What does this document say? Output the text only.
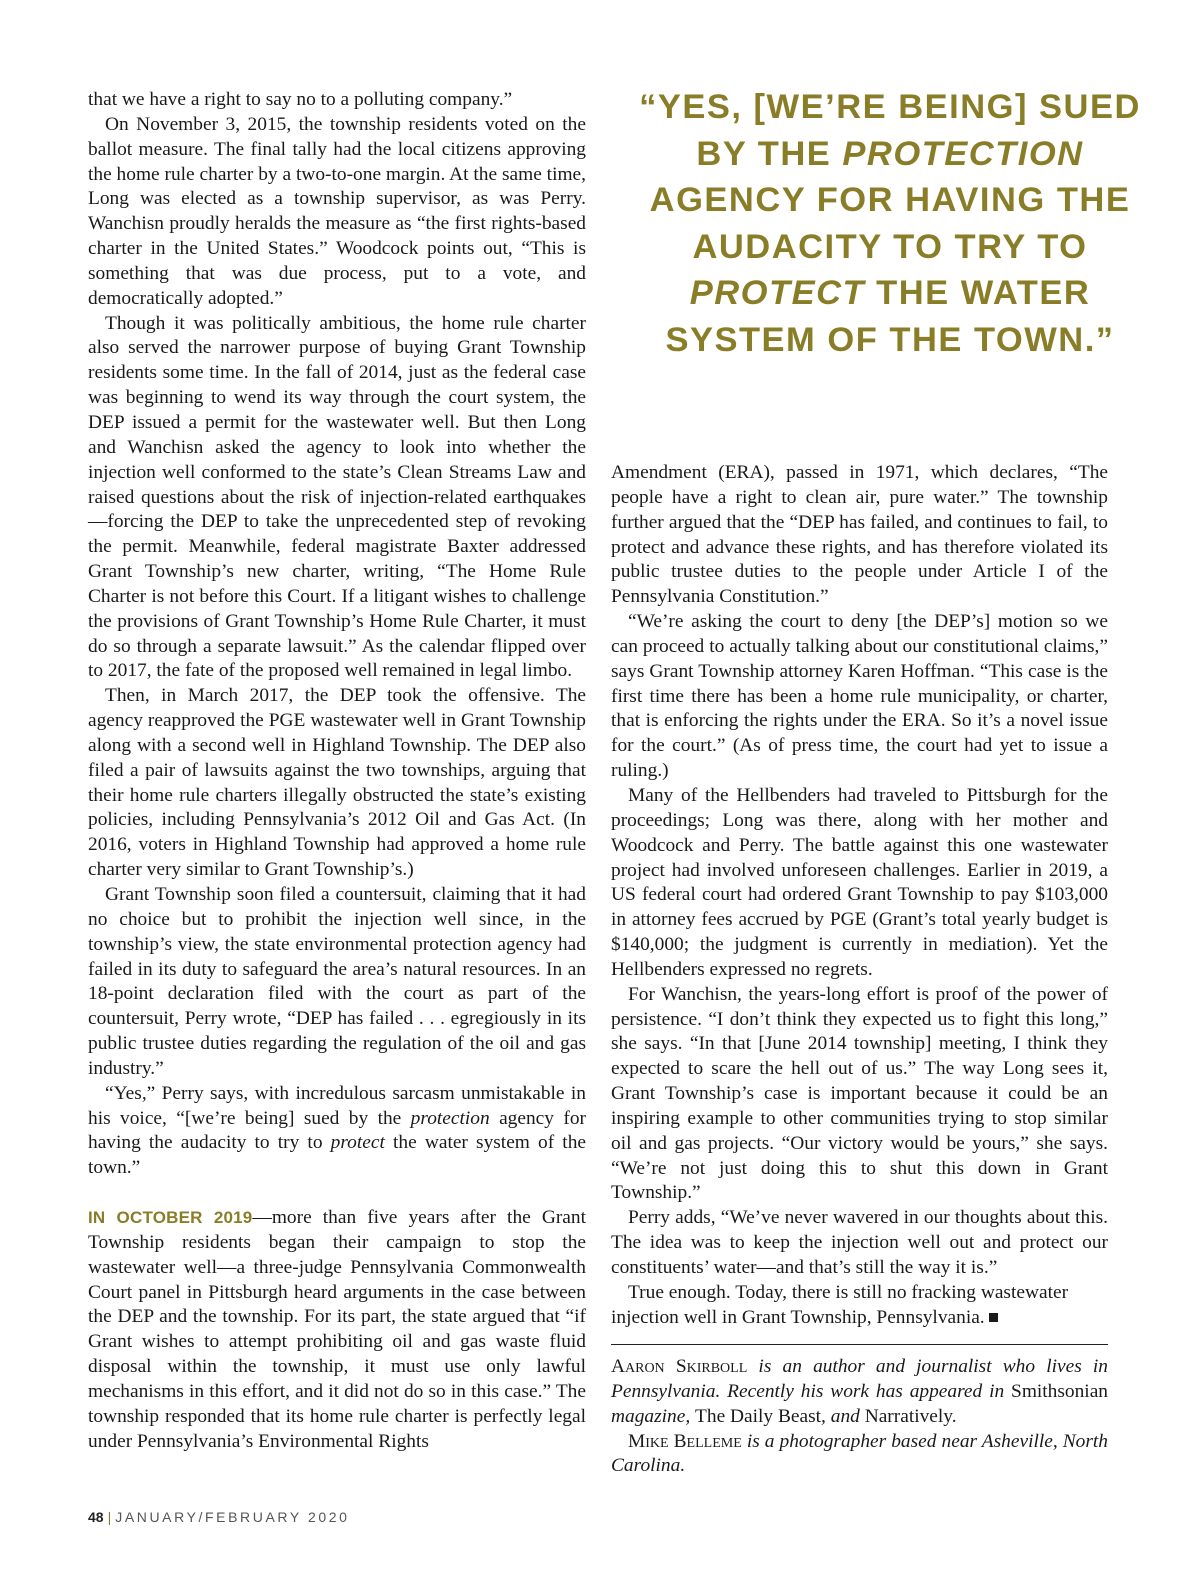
that we have a right to say no to a polluting company.”

On November 3, 2015, the township residents voted on the ballot measure. The final tally had the local citizens approving the home rule charter by a two-to-one margin. At the same time, Long was elected as a township supervisor, as was Perry. Wanchisn proudly heralds the measure as “the first rights-based charter in the United States.” Woodcock points out, “This is something that was due process, put to a vote, and democratically adopted.”

Though it was politically ambitious, the home rule charter also served the narrower purpose of buying Grant Township residents some time. In the fall of 2014, just as the federal case was beginning to wend its way through the court system, the DEP issued a permit for the wastewater well. But then Long and Wanchisn asked the agency to look into whether the injection well conformed to the state’s Clean Streams Law and raised questions about the risk of injection-related earthquakes—forcing the DEP to take the unprecedented step of revoking the permit. Meanwhile, federal magistrate Baxter addressed Grant Township’s new charter, writing, “The Home Rule Charter is not before this Court. If a litigant wishes to challenge the provisions of Grant Township’s Home Rule Charter, it must do so through a separate lawsuit.” As the calendar flipped over to 2017, the fate of the proposed well remained in legal limbo.

Then, in March 2017, the DEP took the offensive. The agency reapproved the PGE wastewater well in Grant Township along with a second well in Highland Township. The DEP also filed a pair of lawsuits against the two townships, arguing that their home rule charters illegally obstructed the state’s existing policies, including Pennsylvania’s 2012 Oil and Gas Act. (In 2016, voters in Highland Township had approved a home rule charter very similar to Grant Township’s.)

Grant Township soon filed a countersuit, claiming that it had no choice but to prohibit the injection well since, in the township’s view, the state environmental protection agency had failed in its duty to safeguard the area’s natural resources. In an 18-point declaration filed with the court as part of the countersuit, Perry wrote, “DEP has failed . . . egregiously in its public trustee duties regarding the regulation of the oil and gas industry.”

“Yes,” Perry says, with incredulous sarcasm unmistakable in his voice, “[we’re being] sued by the protection agency for having the audacity to try to protect the water system of the town.”

IN OCTOBER 2019—more than five years after the Grant Township residents began their campaign to stop the wastewater well—a three-judge Pennsylvania Commonwealth Court panel in Pittsburgh heard arguments in the case between the DEP and the township. For its part, the state argued that “if Grant wishes to attempt prohibiting oil and gas waste fluid disposal within the township, it must use only lawful mechanisms in this effort, and it did not do so in this case.” The township responded that its home rule charter is perfectly legal under Pennsylvania’s Environmental Rights

“YES, [WE’RE BEING] SUED BY THE PROTECTION AGENCY FOR HAVING THE AUDACITY TO TRY TO PROTECT THE WATER SYSTEM OF THE TOWN.”

Amendment (ERA), passed in 1971, which declares, “The people have a right to clean air, pure water.” The township further argued that the “DEP has failed, and continues to fail, to protect and advance these rights, and has therefore violated its public trustee duties to the people under Article I of the Pennsylvania Constitution.”

“We’re asking the court to deny [the DEP’s] motion so we can proceed to actually talking about our constitutional claims,” says Grant Township attorney Karen Hoffman. “This case is the first time there has been a home rule municipality, or charter, that is enforcing the rights under the ERA. So it’s a novel issue for the court.” (As of press time, the court had yet to issue a ruling.)

Many of the Hellbenders had traveled to Pittsburgh for the proceedings; Long was there, along with her mother and Woodcock and Perry. The battle against this one wastewater project had involved unforeseen challenges. Earlier in 2019, a US federal court had ordered Grant Township to pay $103,000 in attorney fees accrued by PGE (Grant’s total yearly budget is $140,000; the judgment is currently in mediation). Yet the Hellbenders expressed no regrets.

For Wanchisn, the years-long effort is proof of the power of persistence. “I don’t think they expected us to fight this long,” she says. “In that [June 2014 township] meeting, I think they expected to scare the hell out of us.” The way Long sees it, Grant Township’s case is important because it could be an inspiring example to other communities trying to stop similar oil and gas projects. “Our victory would be yours,” she says. “We’re not just doing this to shut this down in Grant Township.”

Perry adds, “We’ve never wavered in our thoughts about this. The idea was to keep the injection well out and protect our constituents’ water—and that’s still the way it is.”

True enough. Today, there is still no fracking wastewater injection well in Grant Township, Pennsylvania.

Aaron Skirboll is an author and journalist who lives in Pennsylvania. Recently his work has appeared in Smithsonian magazine, The Daily Beast, and Narratively.

Mike Belleme is a photographer based near Asheville, North Carolina.

48 | JANUARY/FEBRUARY 2020
